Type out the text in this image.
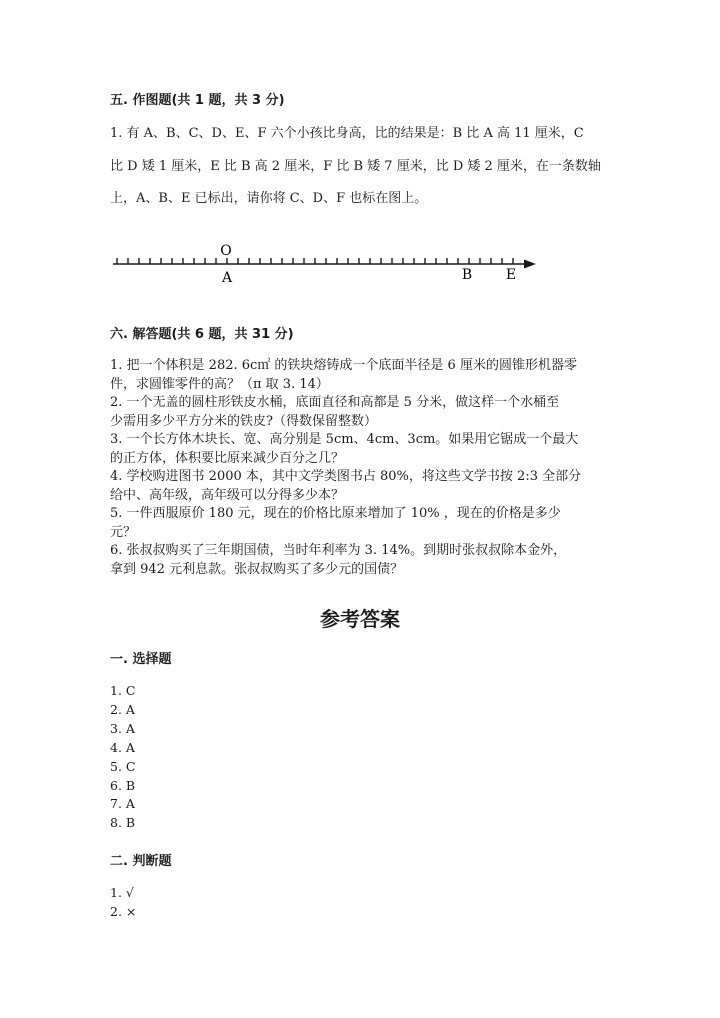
五. 作图题(共 1 题，共 3 分)
1. 有 A、B、C、D、E、F 六个小孩比身高，比的结果是：B 比 A 高 11 厘米，C
比 D 矮 1 厘米，E 比 B 高 2 厘米，F 比 B 矮 7 厘米，比 D 矮 2 厘米，在一条数轴
上，A、B、E 已标出，请你将 C、D、F 也标在图上。
O
A	B E
六. 解答题(共 6 题，共 31 分)
1. 把一个体积是 282. 6c㎡ 的铁块熔铸成一个底面半径是 6 厘米的圆锥形机器零
件，求圆锥零件的高？（π 取 3. 14）
2. 一个无盖的圆柱形铁皮水桶，底面直径和高都是 5 分米，做这样一个水桶至
少需用多少平方分米的铁皮?（得数保留整数）
3. 一个长方体木块长、宽、高分别是 5cm、4cm、3cm。如果用它锯成一个最大
的正方体，体积要比原来减少百分之几？
4. 学校购进图书 2000 本，其中文学类图书占 80%，将这些文学书按 2:3 全部分
给中、高年级，高年级可以分得多少本？
5. 一件西服原价 180 元，现在的价格比原来增加了 10% ，现在的价格是多少
元？
6. 张叔叔购买了三年期国债，当时年利率为 3. 14%。到期时张叔叔除本金外，
拿到 942 元利息款。张叔叔购买了多少元的国债？
参考答案
一. 选择题
1. C
2. A
3. A
4. A
5. C
6. B
7. A
8. B
二. 判断题
1. √
2. ×
